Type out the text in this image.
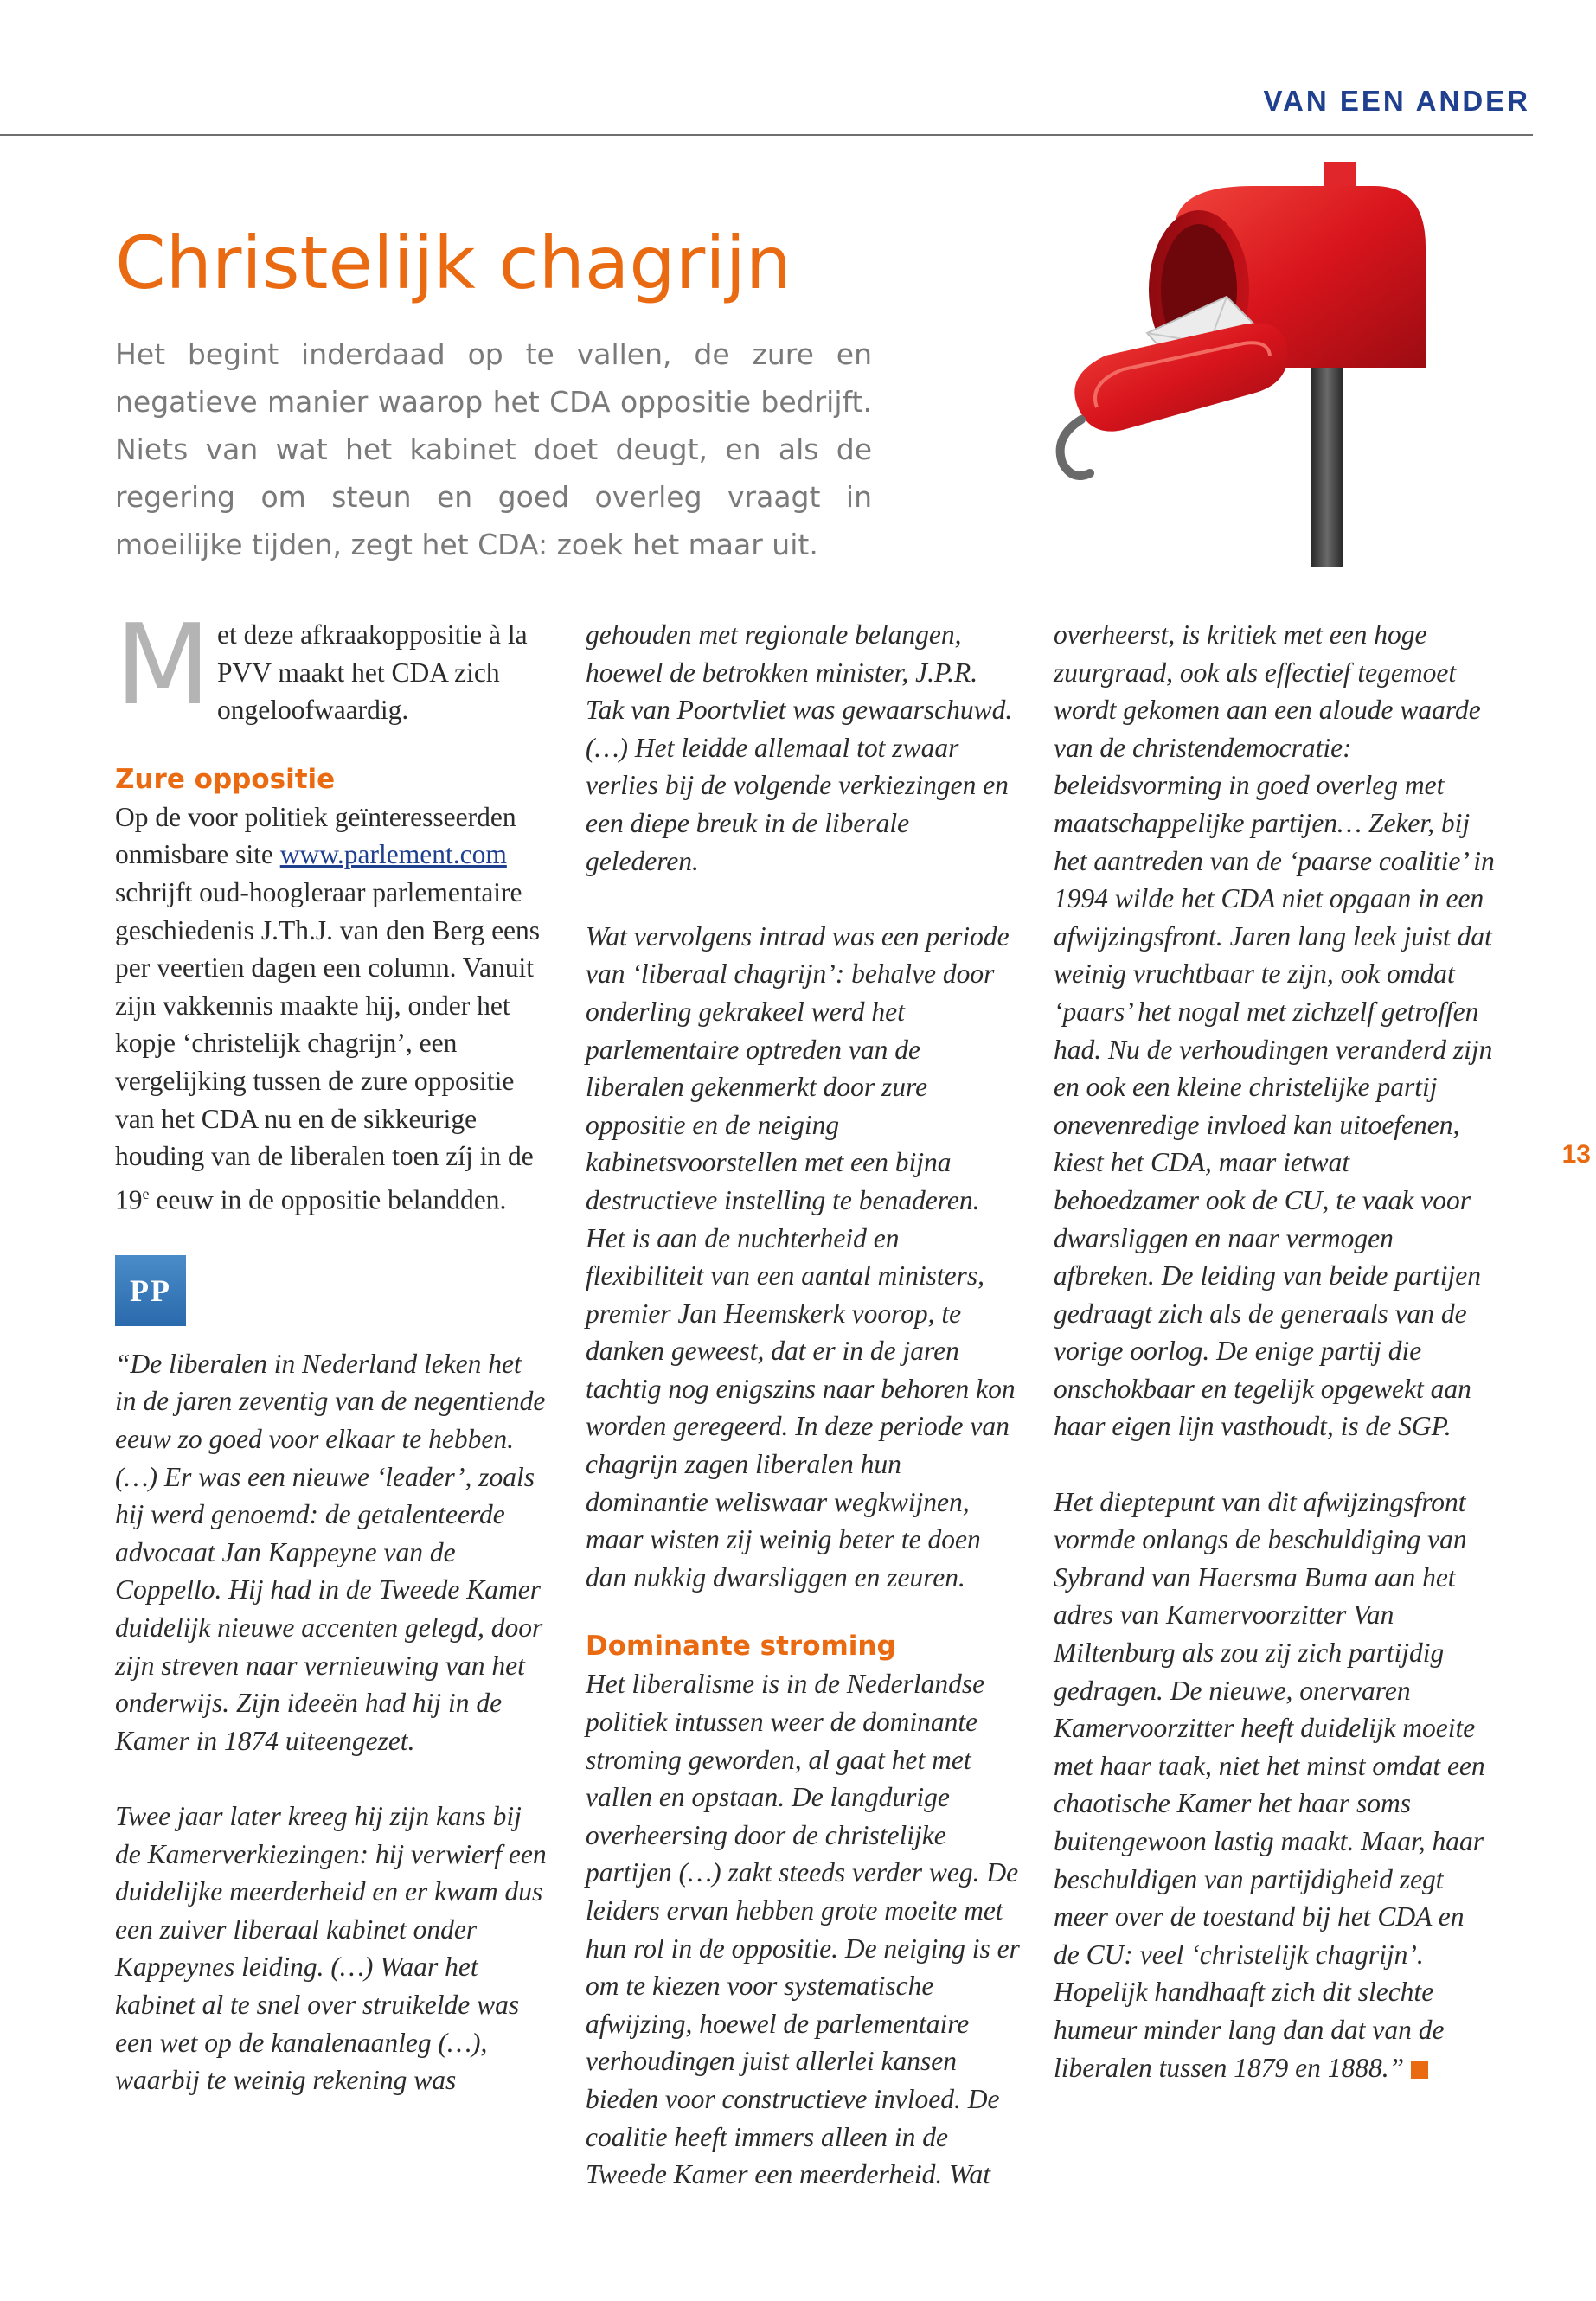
VAN EEN ANDER
Christelijk chagrijn

Het begint inderdaad op te vallen, de zure en negatieve manier waarop het CDA oppositie bedrijft. Niets van wat het kabinet doet deugt, en als de regering om steun en goed overleg vraagt in moeilijke tijden, zegt het CDA: zoek het maar uit.

M et deze afkraakoppositie à la PVV maakt het CDA zich ongeloofwaardig.

Zure oppositie

Op de voor politiek geïnteresseerden onmisbare site www.parlement.com schrijft oud-hoogleraar parlementaire geschiedenis J.Th.J. van den Berg eens per veertien dagen een column. Vanuit zijn vakkennis maakte hij, onder het kopje ‘christelijk chagrijn’, een vergelijking tussen de zure oppositie van het CDA nu en de sikkeurige houding van de liberalen toen zíj in de 19e eeuw in de oppositie belandden.

PP

“De liberalen in Nederland leken het in de jaren zeventig van de negentiende eeuw zo goed voor elkaar te hebben. (…) Er was een nieuwe ‘leader’, zoals hij werd genoemd: de getalenteerde advocaat Jan Kappeyne van de Coppello. Hij had in de Tweede Kamer duidelijk nieuwe accenten gelegd, door zijn streven naar vernieuwing van het onderwijs. Zijn ideeën had hij in de Kamer in 1874 uiteengezet.

Twee jaar later kreeg hij zijn kans bij de Kamerverkiezingen: hij verwierf een duidelijke meerderheid en er kwam dus een zuiver liberaal kabinet onder Kappeynes leiding. (…) Waar het kabinet al te snel over struikelde was een wet op de kanalenaanleg (…), waarbij te weinig rekening was

gehouden met regionale belangen, hoewel de betrokken minister, J.P.R. Tak van Poortvliet was gewaarschuwd. (…) Het leidde allemaal tot zwaar verlies bij de volgende verkiezingen en een diepe breuk in de liberale gelederen.

Wat vervolgens intrad was een periode van ‘liberaal chagrijn’: behalve door onderling gekrakeel werd het parlementaire optreden van de liberalen gekenmerkt door zure oppositie en de neiging kabinetsvoorstellen met een bijna destructieve instelling te benaderen. Het is aan de nuchterheid en flexibiliteit van een aantal ministers, premier Jan Heemskerk voorop, te danken geweest, dat er in de jaren tachtig nog enigszins naar behoren kon worden geregeerd. In deze periode van chagrijn zagen liberalen hun dominantie weliswaar wegkwijnen, maar wisten zij weinig beter te doen dan nukkig dwarsliggen en zeuren.

Dominante stroming

Het liberalisme is in de Nederlandse politiek intussen weer de dominante stroming geworden, al gaat het met vallen en opstaan. De langdurige overheersing door de christelijke partijen (…) zakt steeds verder weg. De leiders ervan hebben grote moeite met hun rol in de oppositie. De neiging is er om te kiezen voor systematische afwijzing, hoewel de parlementaire verhoudingen juist allerlei kansen bieden voor constructieve invloed. De coalitie heeft immers alleen in de Tweede Kamer een meerderheid. Wat

overheerst, is kritiek met een hoge zuurgraad, ook als effectief tegemoet wordt gekomen aan een aloude waarde van de christendemocratie: beleidsvorming in goed overleg met maatschappelijke partijen… Zeker, bij het aantreden van de ‘paarse coalitie’ in 1994 wilde het CDA niet opgaan in een afwijzingsfront. Jaren lang leek juist dat weinig vruchtbaar te zijn, ook omdat ‘paars’ het nogal met zichzelf getroffen had. Nu de verhoudingen veranderd zijn en ook een kleine christelijke partij onevenredige invloed kan uitoefenen, kiest het CDA, maar ietwat behoedzamer ook de CU, te vaak voor dwarsliggen en naar vermogen afbreken. De leiding van beide partijen gedraagt zich als de generaals van de vorige oorlog. De enige partij die onschokbaar en tegelijk opgewekt aan haar eigen lijn vasthoudt, is de SGP.

Het dieptepunt van dit afwijzingsfront vormde onlangs de beschuldiging van Sybrand van Haersma Buma aan het adres van Kamervoorzitter Van Miltenburg als zou zij zich partijdig gedragen. De nieuwe, onervaren Kamervoorzitter heeft duidelijk moeite met haar taak, niet het minst omdat een chaotische Kamer het haar soms buitengewoon lastig maakt. Maar, haar beschuldigen van partijdigheid zegt meer over de toestand bij het CDA en de CU: veel ‘christelijk chagrijn’. Hopelijk handhaaft zich dit slechte humeur minder lang dan dat van de liberalen tussen 1879 en 1888.”

13
